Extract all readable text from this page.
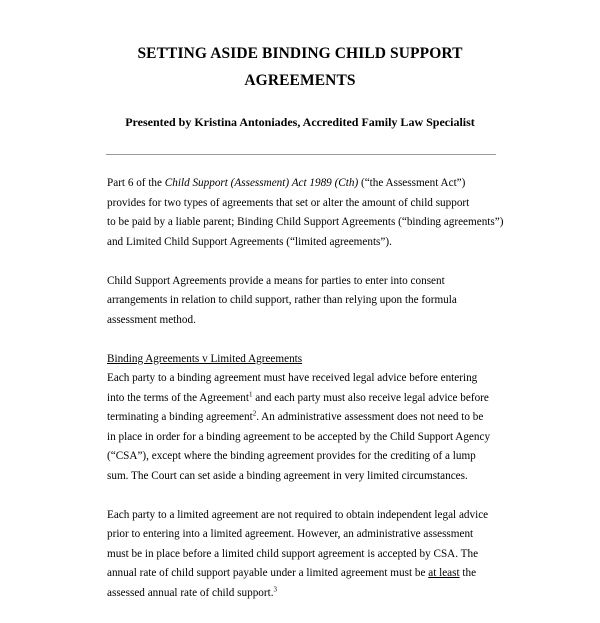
SETTING ASIDE BINDING CHILD SUPPORT
AGREEMENTS
Presented by Kristina Antoniades, Accredited Family Law Specialist
Part 6 of the Child Support (Assessment) Act 1989 (Cth) (“the Assessment Act”)
provides for two types of agreements that set or alter the amount of child support
to be paid by a liable parent; Binding Child Support Agreements (“binding agreements”)
and Limited Child Support Agreements (“limited agreements”).
Child Support Agreements provide a means for parties to enter into consent
arrangements in relation to child support, rather than relying upon the formula
assessment method.
Binding Agreements v Limited Agreements
Each party to a binding agreement must have received legal advice before entering
into the terms of the Agreement$^1$ and each party must also receive legal advice before
terminating a binding agreement$^2$. An administrative assessment does not need to be
in place in order for a binding agreement to be accepted by the Child Support Agency
(“CSA”), except where the binding agreement provides for the crediting of a lump
sum. The Court can set aside a binding agreement in very limited circumstances.
Each party to a limited agreement are not required to obtain independent legal advice
prior to entering into a limited agreement. However, an administrative assessment
must be in place before a limited child support agreement is accepted by CSA. The
annual rate of child support payable under a limited agreement must be at least the
assessed annual rate of child support.$^3$
